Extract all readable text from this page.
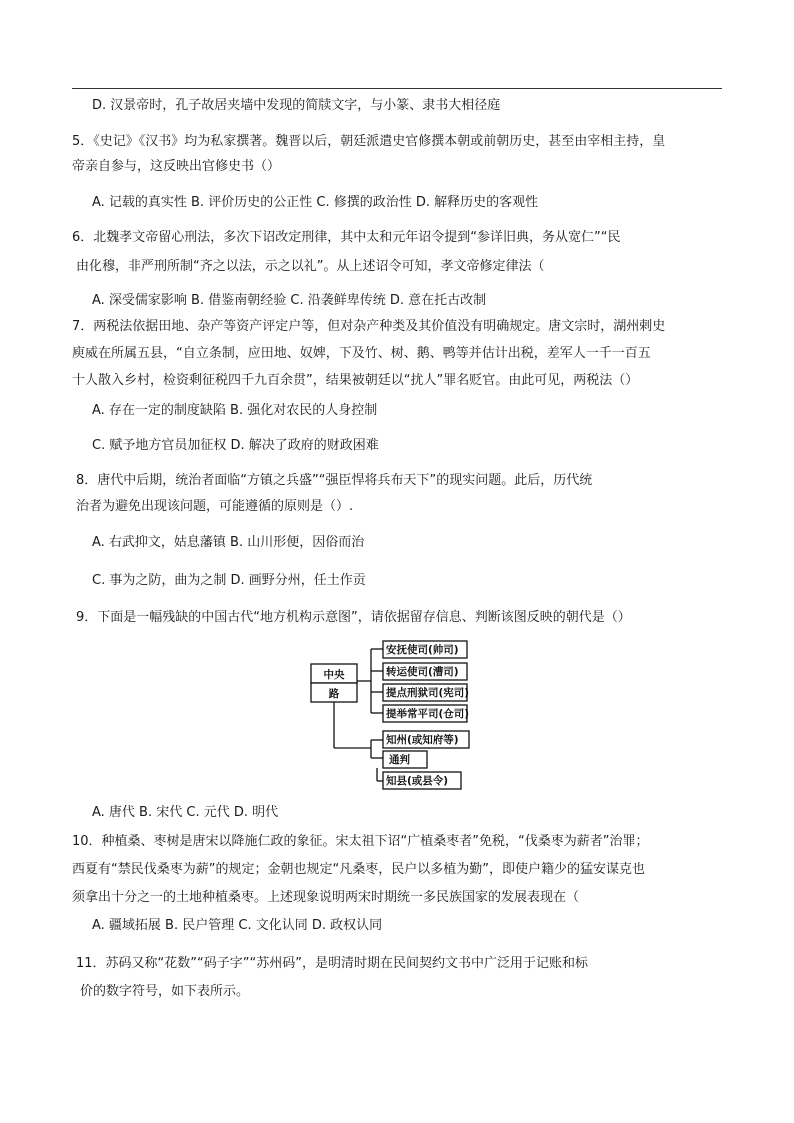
D. 汉景帝时，孔子故居夹墙中发现的简牍文字，与小篆、隶书大相径庭
5．《史记》《汉书》均为私家撰著。魏晋以后，朝廷派遣史官修撰本朝或前朝历史，甚至由宰相主持，皇
帝亲自参与，这反映出官修史书（）
A. 记载的真实性 B. 评价历史的公正性 C. 修撰的政治性 D. 解释历史的客观性
6．北魏孝文帝留心刑法，多次下诏改定刑律，其中太和元年诏令提到“参详旧典，务从宽仁”“民
由化穆，非严刑所制“齐之以法，示之以礼”。从上述诏令可知，孝文帝修定律法（
A. 深受儒家影响 B. 借鉴南朝经验 C. 沿袭鲜卑传统 D. 意在托古改制
7．两税法依据田地、杂产等资产评定户等，但对杂产种类及其价值没有明确规定。唐文宗时，湖州剌史
庾威在所属五县，“自立条制，应田地、奴婢，下及竹、树、鹅、鸭等并估计出税，差军人一千一百五
十人散入乡村，检资剩征税四千九百余贯”，结果被朝廷以“扰人”罪名贬官。由此可见，两税法（）
A. 存在一定的制度缺陷 B. 强化对农民的人身控制
C. 赋予地方官员加征权 D. 解决了政府的财政困难
8．唐代中后期，统治者面临“方镇之兵盛”“强臣悍将兵布天下”的现实问题。此后，历代统
治者为避免出现该问题，可能遵循的原则是（）.
A. 右武抑文，姑息藩镇 B. 山川形便，因俗而治
C. 事为之防，曲为之制 D. 画野分州，任土作贡
9．下面是一幅残缺的中国古代“地方机构示意图”，请依据留存信息、判断该图反映的朝代是（）
中央
路
安抚使司(帅司)
转运使司(漕司)
提点刑狱司(宪司)
提举常平司(仓司)
知州(或知府等)
通判
知县(或县令)
A. 唐代 B. 宋代 C. 元代 D. 明代
10．种植桑、枣树是唐宋以降施仁政的象征。宋太祖下诏“广植桑枣者”免税，“伐桑枣为薪者”治罪；
西夏有“禁民伐桑枣为薪”的规定；金朝也规定“凡桑枣，民户以多植为勤”，即使户籍少的猛安谋克也
须拿出十分之一的土地种植桑枣。上述现象说明两宋时期统一多民族国家的发展表现在（
A. 疆域拓展 B. 民户管理 C. 文化认同 D. 政权认同
11．苏码又称“花数”“码子字”“苏州码”，是明清时期在民间契约文书中广泛用于记账和标
价的数字符号，如下表所示。
